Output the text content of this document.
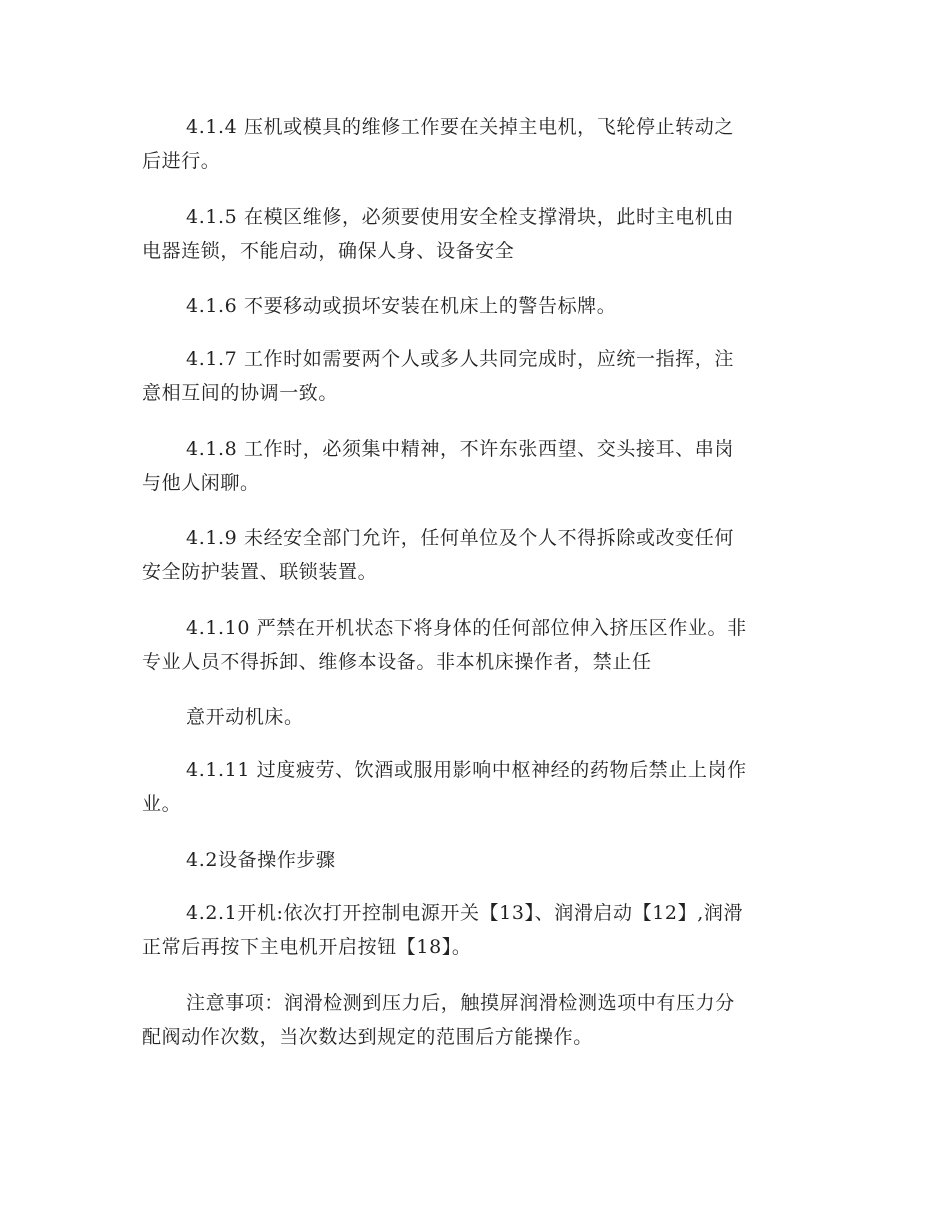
4.1.4 压机或模具的维修工作要在关掉主电机，飞轮停止转动之
后进行。

4.1.5 在模区维修，必须要使用安全栓支撑滑块，此时主电机由
电器连锁，不能启动，确保人身、设备安全

4.1.6 不要移动或损坏安装在机床上的警告标牌。

4.1.7 工作时如需要两个人或多人共同完成时，应统一指挥，注
意相互间的协调一致。

4.1.8 工作时，必须集中精神，不许东张西望、交头接耳、串岗
与他人闲聊。

4.1.9 未经安全部门允许，任何单位及个人不得拆除或改变任何
安全防护装置、联锁装置。

4.1.10 严禁在开机状态下将身体的任何部位伸入挤压区作业。非
专业人员不得拆卸、维修本设备。非本机床操作者，禁止任

意开动机床。

4.1.11 过度疲劳、饮酒或服用影响中枢神经的药物后禁止上岗作
业。

4.2设备操作步骤

4.2.1开机:依次打开控制电源开关【13】、润滑启动【12】,润滑
正常后再按下主电机开启按钮【18】。

注意事项：润滑检测到压力后，触摸屏润滑检测选项中有压力分
配阀动作次数，当次数达到规定的范围后方能操作。
